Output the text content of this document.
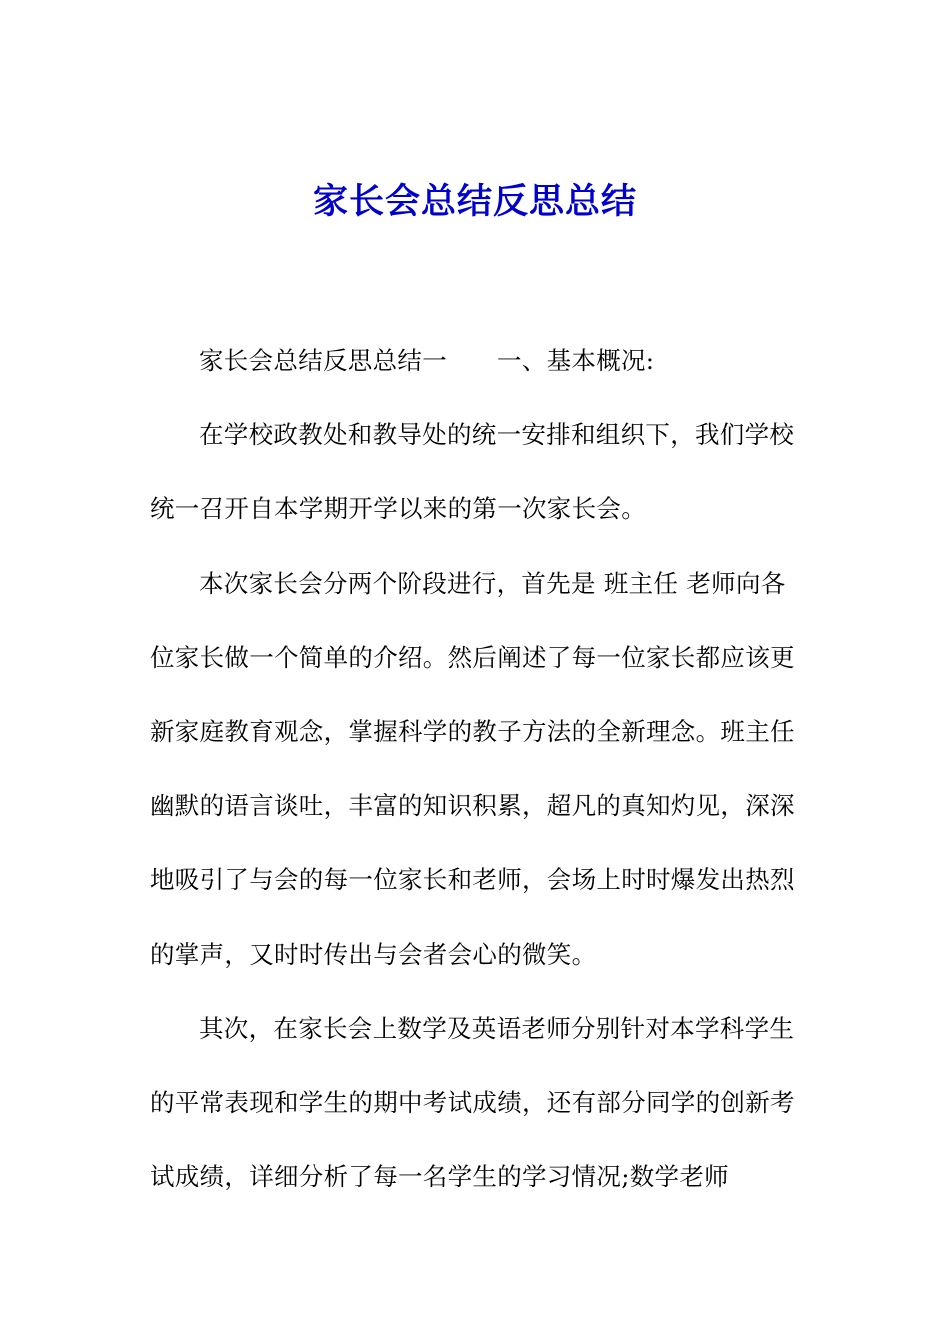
家长会总结反思总结

家长会总结反思总结一 一、基本概况:

在学校政教处和教导处的统一安排和组织下，我们学校统一召开自本学期开学以来的第一次家长会。

本次家长会分两个阶段进行，首先是 班主任 老师向各位家长做一个简单的介绍。然后阐述了每一位家长都应该更新家庭教育观念，掌握科学的教子方法的全新理念。班主任幽默的语言谈吐，丰富的知识积累，超凡的真知灼见，深深地吸引了与会的每一位家长和老师，会场上时时爆发出热烈的掌声，又时时传出与会者会心的微笑。

其次，在家长会上数学及英语老师分别针对本学科学生的平常表现和学生的期中考试成绩，还有部分同学的创新考试成绩，详细分析了每一名学生的学习情况;数学老师
